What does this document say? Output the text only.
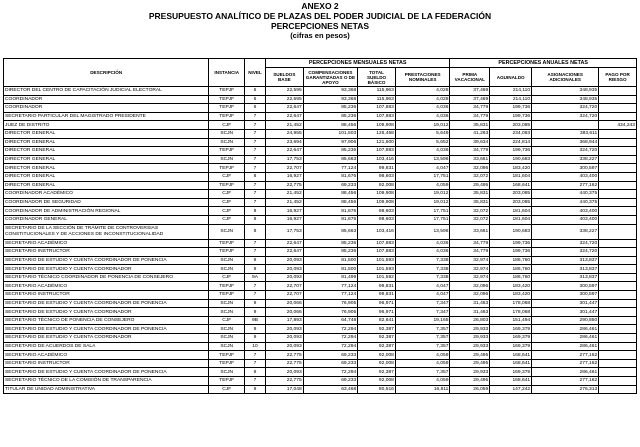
ANEXO 2
PRESUPUESTO ANALÍTICO DE PLAZAS DEL PODER JUDICIAL DE LA FEDERACIÓN
PERCEPCIONES NETAS
(cifras en pesos)
DESCRIPCIÓN	INSTANCIA	NIVEL	PERCEPCIONES MENSUALES NETAS				PERCEPCIONES ANUALES NETAS			
			SUELDOS BASE	COMPENSACIONES GARANTIZADAS O DE APOYO	TOTAL SUELDO BÁSICO	PRESTACIONES NOMINALES	PRIMA VACACIONAL	AGUINALDO	ASIGNACIONES ADICIONALES	PAGO POR RIESGO
DIRECTOR DEL CENTRO DE CAPACITACIÓN JUDICIAL ELECTORAL	TEPJF	6	22,595	93,368	115,963	4,028	37,469	214,110	348,935	
COORDINADOR	TEPJF	6	22,595	93,368	115,963	4,028	37,469	214,110	348,935	
COORDINADOR	TEPJF	6	22,647	85,236	107,883	4,036	34,779	199,736	324,720	
SECRETARIO PARTICULAR DEL MAGISTRADO PRESIDENTE	TEPJF	7	22,647	85,236	107,883	4,036	34,779	199,736	324,720	
JUEZ DE DISTRITO	CJF	7	21,452	88,456	109,908	19,012	35,831	203,085		434,243
DIRECTOR GENERAL	SCJN	7	24,955	101,503	126,458	5,649	41,263	234,063	383,611	
DIRECTOR GENERAL	SCJN	7	23,694	97,906	121,600	5,652	39,634	224,814	368,944	
DIRECTOR GENERAL	TEPJF	7	22,647	85,236	107,883	4,036	34,779	199,736	324,720	
DIRECTOR GENERAL	SCJN	7	17,753	85,663	103,416	13,596	33,661	190,683	338,227	
DIRECTOR GENERAL	TEPJF	7	22,707	77,124	99,831	4,047	32,096	183,420	300,597	
DIRECTOR GENERAL	CJF	8	16,927	81,676	98,603	17,751	32,072	181,604	403,400	
DIRECTOR GENERAL	TEPJF	7	22,775	69,233	92,008	4,059	29,495	168,641	277,162	
COORDINADOR ACADÉMICO	CJF	7	21,452	88,456	109,908	19,012	35,831	203,085	440,375	
COORDINADOR DE SEGURIDAD	CJF	7	21,452	88,456	109,908	19,012	35,831	203,085	440,375	
COORDINADOR DE ADMINISTRACIÓN REGIONAL	CJF	8	16,927	81,676	98,603	17,751	32,072	181,604	403,400	
COORDINADOR GENERAL	CJF	8	16,927	81,676	98,603	17,751	32,072	181,604	403,400	
SECRETARIO DE LA SECCIÓN DE TRÁMITE DE CONTROVERSIAS CONSTITUCIONALES Y DE ACCIONES DE INCONSTITUCIONALIDAD	SCJN	8	17,753	85,663	103,416	13,596	33,661	190,683	338,227	
SECRETARIO ACADÉMICO	TEPJF	7	22,647	85,236	107,883	4,036	34,779	199,736	324,720	
SECRETARIO INSTRUCTOR	TEPJF	7	22,647	85,236	107,883	4,036	34,779	199,736	324,720	
SECRETARIO DE ESTUDIO Y CUENTA COORDINADOR DE PONENCIA	SCJN	9	20,093	81,500	101,593	7,338	32,974	186,760	313,837	
SECRETARIO DE ESTUDIO Y CUENTA COORDINADOR	SCJN	9	20,093	81,500	101,593	7,338	32,974	186,760	313,837	
SECRETARIO TÉCNICO COORDINADOR DE PONENCIA DE CONSEJERO	CJF	9A	20,093	81,499	101,592	7,338	32,974	186,760	313,837	
SECRETARIO ACADÉMICO	TEPJF	7	22,707	77,124	99,831	4,047	32,096	183,420	300,597	
SECRETARIO INSTRUCTOR	TEPJF	7	22,707	77,124	99,831	4,047	32,096	183,420	300,597	
SECRETARIO DE ESTUDIO Y CUENTA COORDINADOR DE PONENCIA	SCJN	9	20,066	76,905	96,971	7,347	31,463	178,068	301,447	
SECRETARIO DE ESTUDIO Y CUENTA COORDINADOR	SCJN	9	20,066	76,905	96,971	7,347	31,463	178,068	301,447	
SECRETARIO TÉCNICO DE PONENCIA DE CONSEJERO	CJF	9B	17,893	64,748	82,641	19,165	26,803	151,494	290,850	
SECRETARIO DE ESTUDIO Y CUENTA COORDINADOR DE PONENCIA	SCJN	9	20,093	72,294	92,387	7,357	29,933	169,379	286,461	
SECRETARIO DE ESTUDIO Y CUENTA COORDINADOR	SCJN	9	20,093	72,294	92,387	7,357	29,933	169,379	286,461	
SECRETARIO DE ACUERDOS DE SALA	SCJN	10	20,093	72,294	92,387	7,357	29,933	169,379	286,461	
SECRETARIO ACADÉMICO	TEPJF	7	22,775	69,233	92,008	4,059	29,495	168,641	277,162	
SECRETARIO INSTRUCTOR	TEPJF	7	22,775	69,233	92,008	4,059	29,495	168,641	277,162	
SECRETARIO DE ESTUDIO Y CUENTA COORDINADOR DE PONENCIA	SCJN	9	20,093	72,294	92,387	7,357	29,933	169,379	286,461	
SECRETARIO TÉCNICO DE LA COMISIÓN DE TRANSPARENCIA	TEPJF	7	22,775	69,233	92,008	4,059	29,495	168,641	277,162	
TITULAR DE UNIDAD ADMINISTRATIVA	CJF	9	17,048	63,468	80,516	16,811	26,059	147,242	276,313	
